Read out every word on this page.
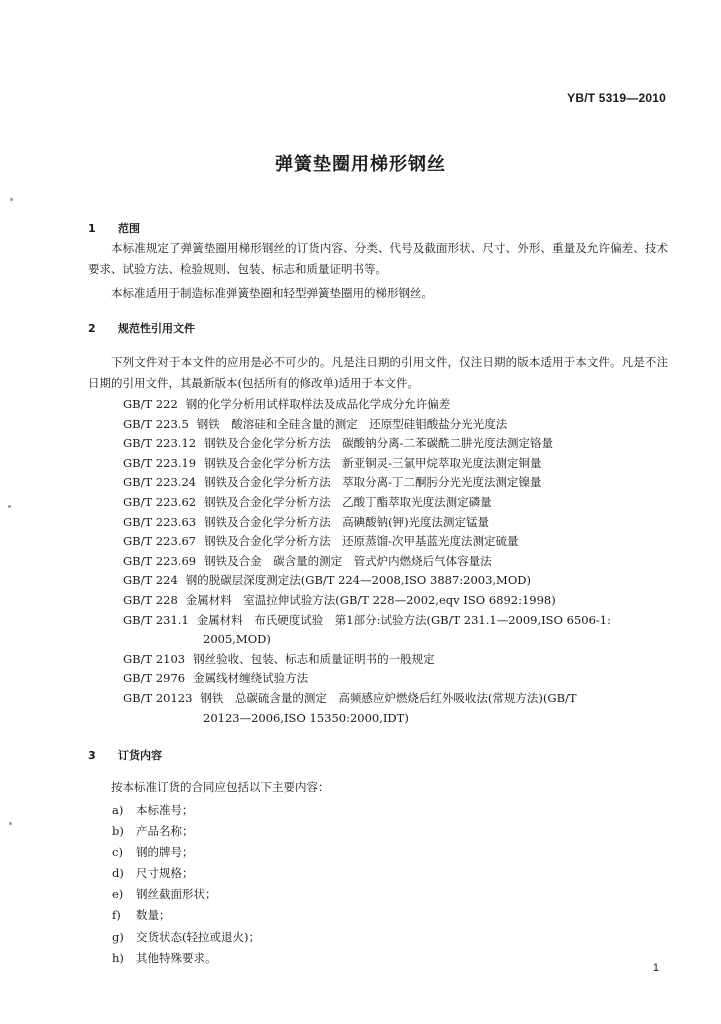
YB/T 5319—2010
弹簧垫圈用梯形钢丝
1 范围

本标准规定了弹簧垫圈用梯形钢丝的订货内容、分类、代号及截面形状、尺寸、外形、重量及允许偏差、技术要求、试验方法、检验规则、包装、标志和质量证明书等。

本标准适用于制造标准弹簧垫圈和轻型弹簧垫圈用的梯形钢丝。

2 规范性引用文件

下列文件对于本文件的应用是必不可少的。凡是注日期的引用文件，仅注日期的版本适用于本文件。凡是不注日期的引用文件，其最新版本(包括所有的修改单)适用于本文件。

GB/T 222 钢的化学分析用试样取样法及成品化学成分允许偏差
GB/T 223.5 钢铁　酸溶硅和全硅含量的测定　还原型硅钼酸盐分光光度法
GB/T 223.12 钢铁及合金化学分析方法　碳酸钠分离-二苯碳酰二肼光度法测定铬量
GB/T 223.19 钢铁及合金化学分析方法　新亚铜灵-三氯甲烷萃取光度法测定铜量
GB/T 223.24 钢铁及合金化学分析方法　萃取分离-丁二酮肟分光光度法测定镍量
GB/T 223.62 钢铁及合金化学分析方法　乙酸丁酯萃取光度法测定磷量
GB/T 223.63 钢铁及合金化学分析方法　高碘酸钠(钾)光度法测定锰量
GB/T 223.67 钢铁及合金化学分析方法　还原蒸馏-次甲基蓝光度法测定硫量
GB/T 223.69 钢铁及合金　碳含量的测定　管式炉内燃烧后气体容量法
GB/T 224 钢的脱碳层深度测定法(GB/T 224—2008,ISO 3887:2003,MOD)
GB/T 228 金属材料　室温拉伸试验方法(GB/T 228—2002,eqv ISO 6892:1998)
GB/T 231.1 金属材料　布氏硬度试验　第1部分:试验方法(GB/T 231.1—2009,ISO 6506-1:
2005,MOD)
GB/T 2103 钢丝验收、包装、标志和质量证明书的一般规定
GB/T 2976 金属线材缠绕试验方法
GB/T 20123 钢铁　总碳硫含量的测定　高频感应炉燃烧后红外吸收法(常规方法)(GB/T
20123—2006,ISO 15350:2000,IDT)
3 订货内容

按本标准订货的合同应包括以下主要内容：

a) 本标准号；
b) 产品名称；
c) 钢的牌号；
d) 尺寸规格；
e) 钢丝截面形状；
f) 数量；
g) 交货状态(轻拉或退火)；
h) 其他特殊要求。
1
